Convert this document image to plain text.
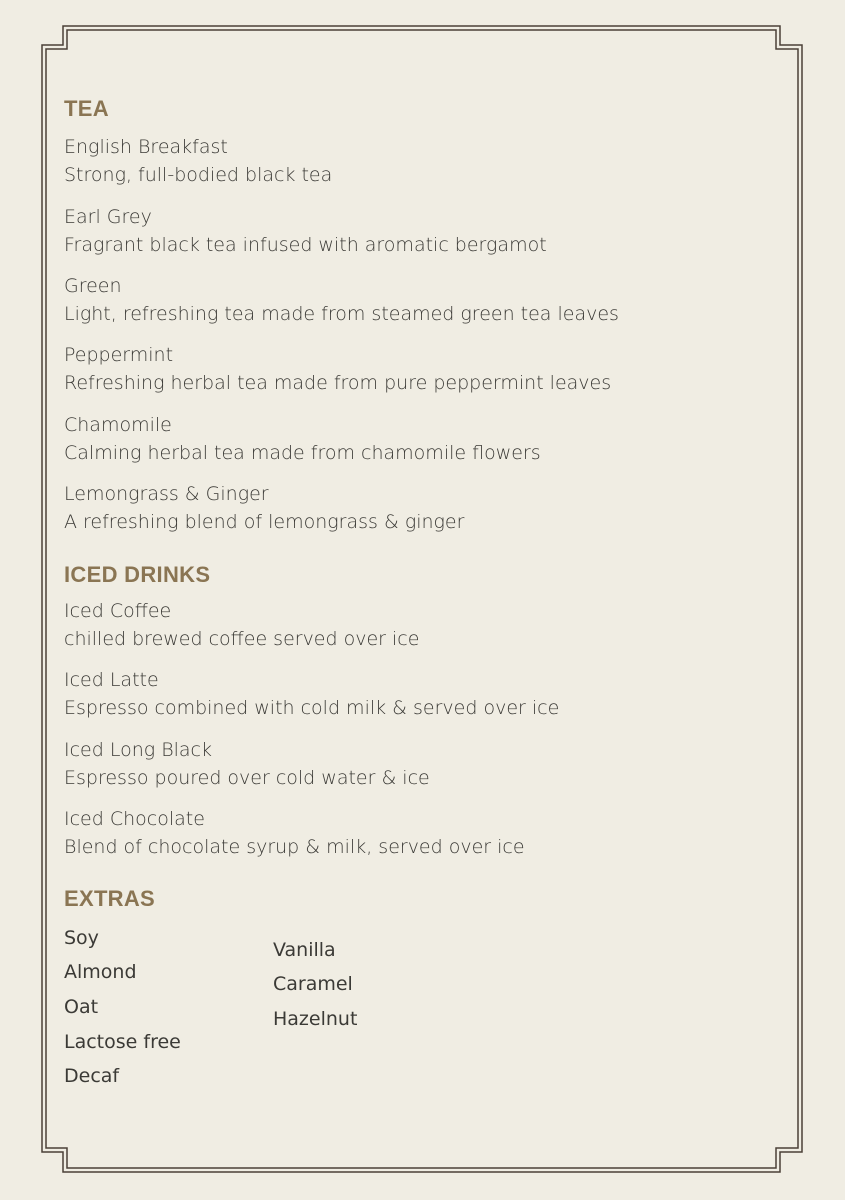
TEA
English Breakfast
Strong, full-bodied black tea
Earl Grey
Fragrant black tea infused with aromatic bergamot
Green
Light, refreshing tea made from steamed green tea leaves
Peppermint
Refreshing herbal tea made from pure peppermint leaves
Chamomile
Calming herbal tea made from chamomile flowers
Lemongrass & Ginger
A refreshing blend of lemongrass & ginger
ICED DRINKS
Iced Coffee
chilled brewed coffee served over ice
Iced Latte
Espresso combined with cold milk & served over ice
Iced Long Black
Espresso poured over cold water & ice
Iced Chocolate
Blend of chocolate syrup & milk, served over ice
EXTRAS
Soy
Almond
Oat
Lactose free
Decaf
Vanilla
Caramel
Hazelnut
